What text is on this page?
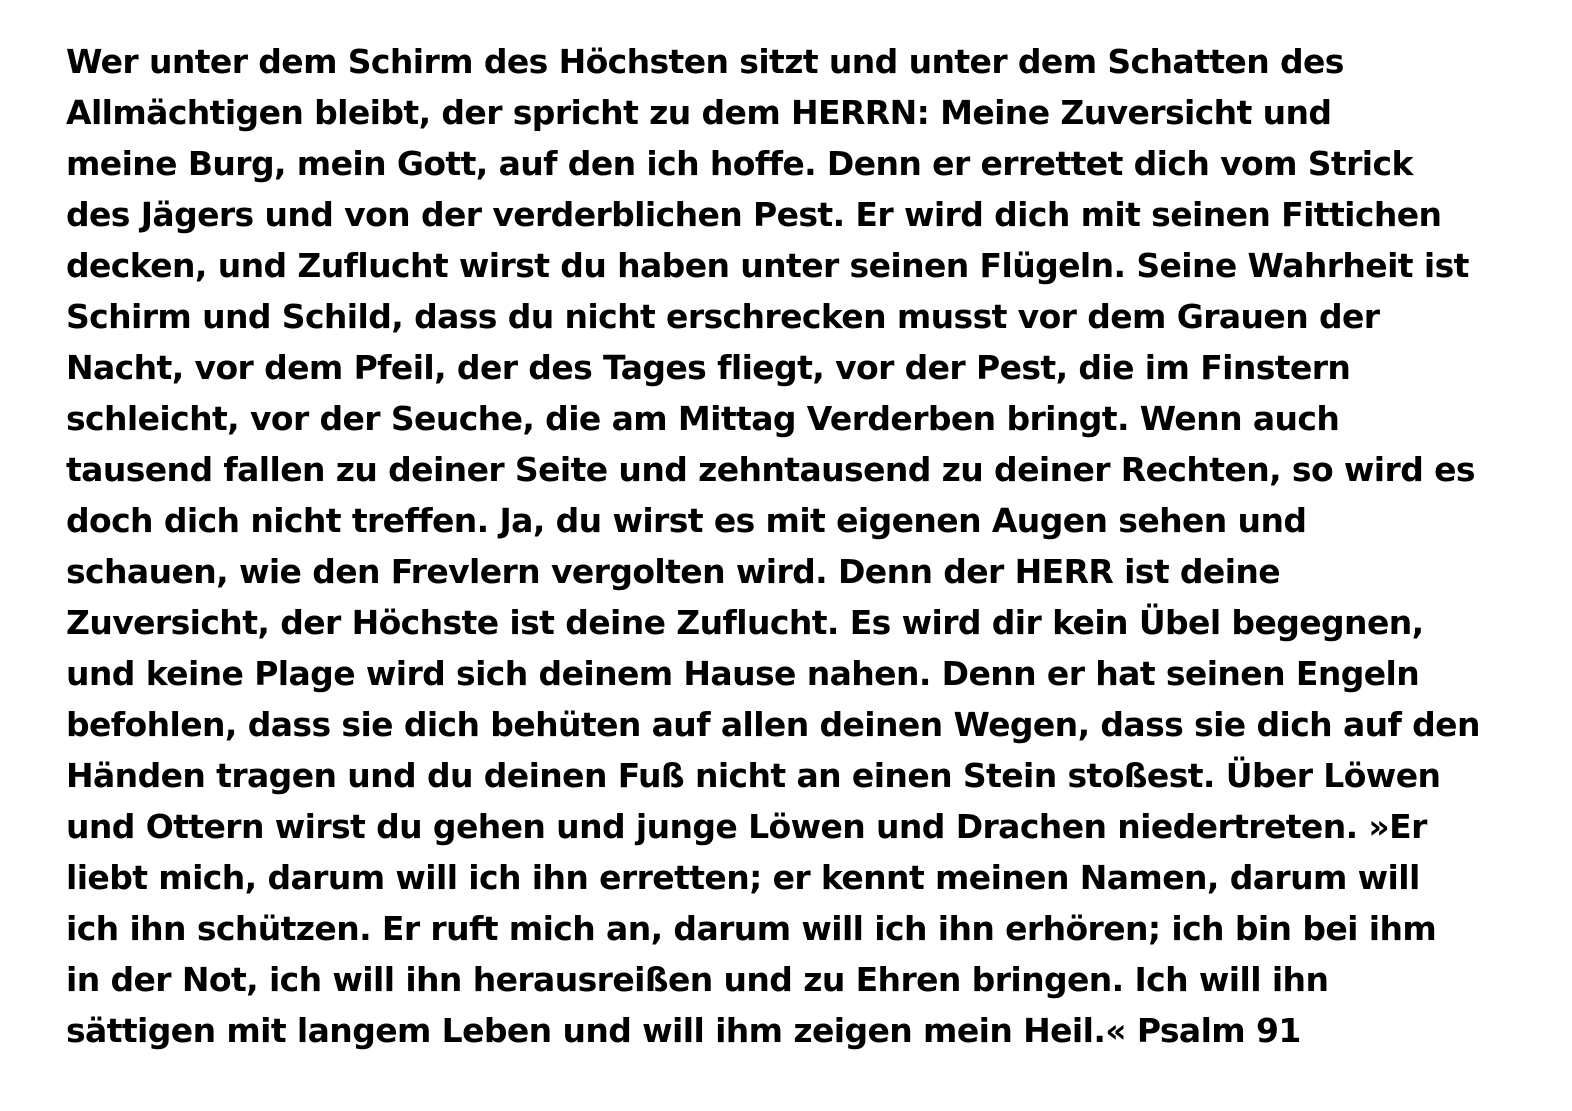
Wer unter dem Schirm des Höchsten sitzt und unter dem Schatten des
Allmächtigen bleibt, der spricht zu dem HERRN: Meine Zuversicht und
meine Burg, mein Gott, auf den ich hoffe. Denn er errettet dich vom Strick
des Jägers und von der verderblichen Pest. Er wird dich mit seinen Fittichen
decken, und Zuflucht wirst du haben unter seinen Flügeln. Seine Wahrheit ist
Schirm und Schild, dass du nicht erschrecken musst vor dem Grauen der
Nacht, vor dem Pfeil, der des Tages fliegt, vor der Pest, die im Finstern
schleicht, vor der Seuche, die am Mittag Verderben bringt. Wenn auch
tausend fallen zu deiner Seite und zehntausend zu deiner Rechten, so wird es
doch dich nicht treffen. Ja, du wirst es mit eigenen Augen sehen und
schauen, wie den Frevlern vergolten wird. Denn der HERR ist deine
Zuversicht, der Höchste ist deine Zuflucht. Es wird dir kein Übel begegnen,
und keine Plage wird sich deinem Hause nahen. Denn er hat seinen Engeln
befohlen, dass sie dich behüten auf allen deinen Wegen, dass sie dich auf den
Händen tragen und du deinen Fuß nicht an einen Stein stoßest. Über Löwen
und Ottern wirst du gehen und junge Löwen und Drachen niedertreten. »Er
liebt mich, darum will ich ihn erretten; er kennt meinen Namen, darum will
ich ihn schützen. Er ruft mich an, darum will ich ihn erhören; ich bin bei ihm
in der Not, ich will ihn herausreißen und zu Ehren bringen. Ich will ihn
sättigen mit langem Leben und will ihm zeigen mein Heil.« Psalm 91
